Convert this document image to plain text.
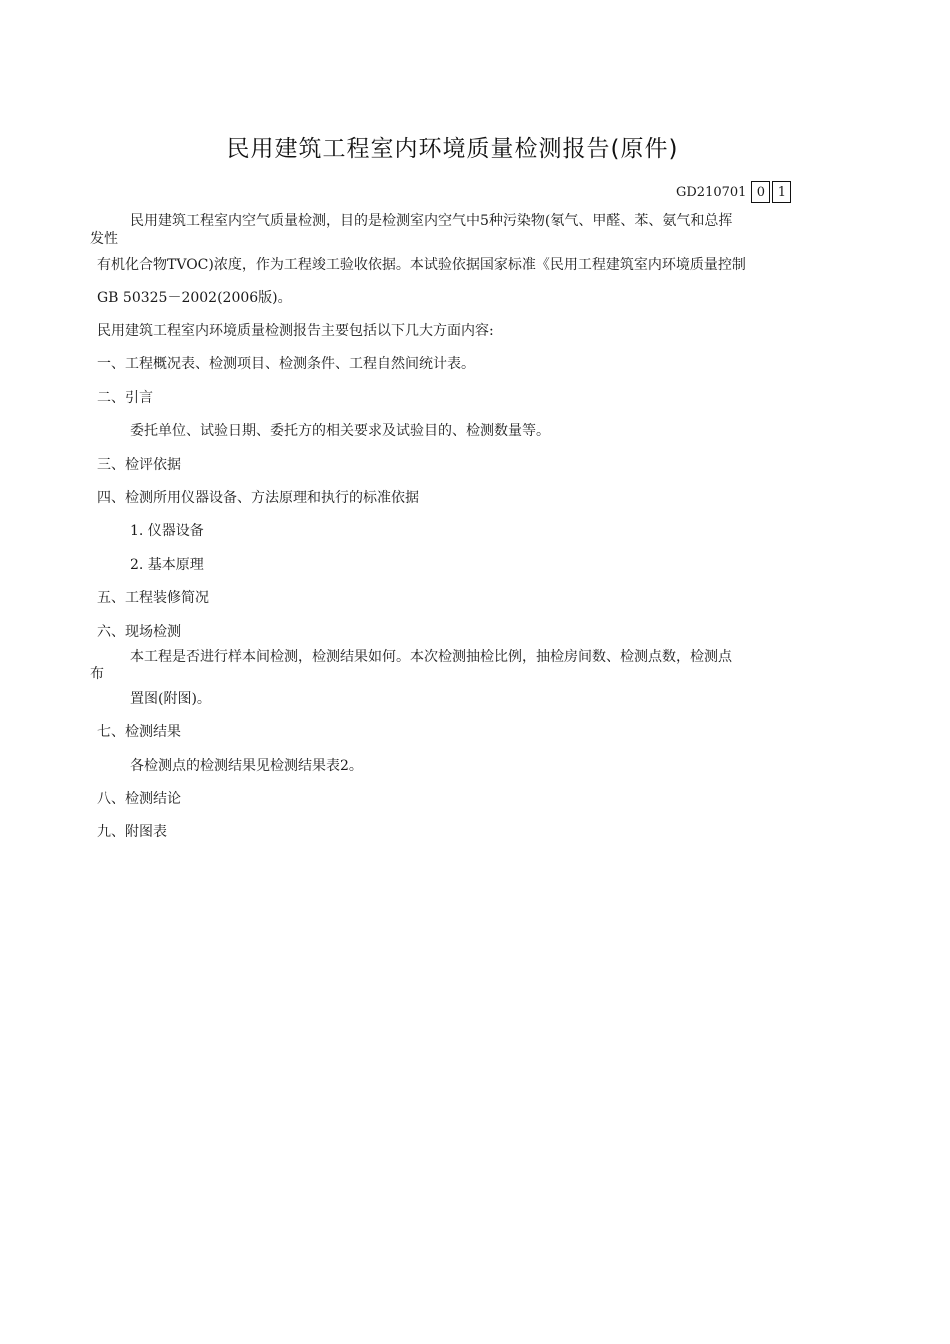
民用建筑工程室内环境质量检测报告(原件)
GD210701 0 1
民用建筑工程室内空气质量检测，目的是检测室内空气中5种污染物(氡气、甲醛、苯、氨气和总挥
发性
有机化合物TVOC)浓度，作为工程竣工验收依据。本试验依据国家标准《民用工程建筑室内环境质量控制
GB 50325－2002(2006版)。
民用建筑工程室内环境质量检测报告主要包括以下几大方面内容:
一、工程概况表、检测项目、检测条件、工程自然间统计表。
二、引言
委托单位、试验日期、委托方的相关要求及试验目的、检测数量等。
三、检评依据
四、检测所用仪器设备、方法原理和执行的标准依据
1. 仪器设备
2. 基本原理
五、工程装修简况
六、现场检测
本工程是否进行样本间检测，检测结果如何。本次检测抽检比例，抽检房间数、检测点数，检测点
布
置图(附图)。
七、检测结果
各检测点的检测结果见检测结果表2。
八、检测结论
九、附图表
